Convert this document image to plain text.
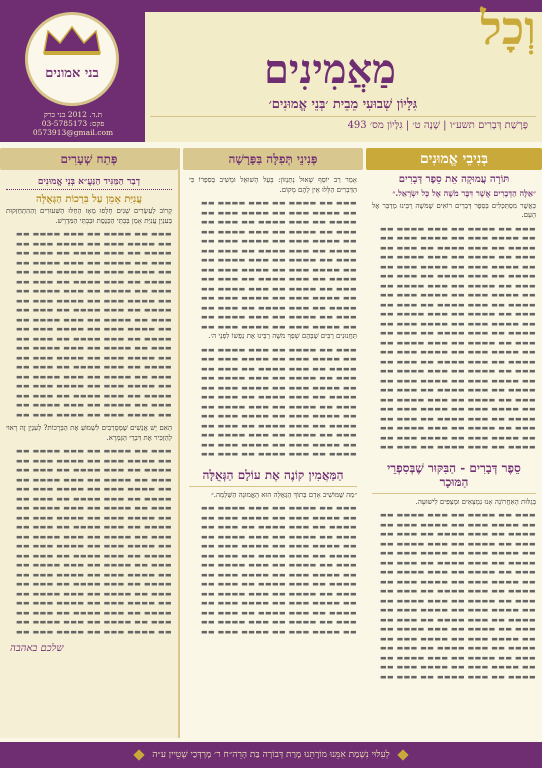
בני אמונים
ת.ד. 2012 בני ברק
פקס: 03-5785173
0573913@gmail.com
וְכָל
מַאֲמִינִים
גִּלָּיוֹן שְׁבוּעִי מֵבֵית ׳בְּנֵי אֱמוּנִים׳
פָּרָשַׁת דְּבָרִים תשע״ו | שָׁנָה ט׳ | גִּלָּיוֹן מס׳ 493
בְּנִיבֵי אֱמוּנִים
תּוֹרָה עֲמוּקָה אֵת סֵפֶר דְּבָרִים
״אֵלֶּה הַדְּבָרִים אֲשֶׁר דִּבֶּר מֹשֶׁה אֶל כָּל יִשְׂרָאֵל.״
כָּאֲשֶׁר מִסְתַּכְּלִים בְּסֵפֶר דְּבָרִים רוֹאִים שֶׁמֹּשֶׁה רַבֵּינוּ מְדַבֵּר אֶל הָעָם.
▬▬▬ ▬▬ ▬▬▬▬ ▬▬ ▬▬▬ ▬▬▬▬ ▬▬
▬▬ ▬▬▬▬ ▬▬▬ ▬▬ ▬▬▬▬ ▬▬▬ ▬▬
▬▬▬▬ ▬▬ ▬▬▬ ▬▬▬▬ ▬▬ ▬▬▬ ▬▬
▬▬▬ ▬▬ ▬▬▬▬ ▬▬ ▬▬▬ ▬▬▬▬ ▬▬
▬▬ ▬▬▬▬ ▬▬▬ ▬▬ ▬▬▬▬ ▬▬▬ ▬▬
▬▬▬▬ ▬▬ ▬▬▬ ▬▬▬▬ ▬▬ ▬▬▬ ▬▬
▬▬▬ ▬▬ ▬▬▬▬ ▬▬ ▬▬▬ ▬▬▬▬ ▬▬
▬▬ ▬▬▬▬ ▬▬▬ ▬▬ ▬▬▬▬ ▬▬▬ ▬▬
▬▬▬▬ ▬▬ ▬▬▬ ▬▬▬▬ ▬▬ ▬▬▬ ▬▬
▬▬▬ ▬▬ ▬▬▬▬ ▬▬ ▬▬▬ ▬▬▬▬ ▬▬
▬▬ ▬▬▬▬ ▬▬▬ ▬▬ ▬▬▬▬ ▬▬▬ ▬▬
▬▬▬▬ ▬▬ ▬▬▬ ▬▬▬▬ ▬▬ ▬▬▬ ▬▬
▬▬▬ ▬▬ ▬▬▬▬ ▬▬ ▬▬▬ ▬▬▬▬ ▬▬
▬▬ ▬▬▬▬ ▬▬▬ ▬▬ ▬▬▬▬ ▬▬▬ ▬▬
▬▬▬▬ ▬▬ ▬▬▬ ▬▬▬▬ ▬▬ ▬▬▬ ▬▬
▬▬▬ ▬▬ ▬▬▬▬ ▬▬ ▬▬▬ ▬▬▬▬ ▬▬
▬▬ ▬▬▬▬ ▬▬▬ ▬▬ ▬▬▬▬ ▬▬▬ ▬▬
▬▬▬▬ ▬▬ ▬▬▬ ▬▬▬▬ ▬▬ ▬▬▬ ▬▬
▬▬▬ ▬▬ ▬▬▬▬ ▬▬ ▬▬▬ ▬▬▬▬ ▬▬
▬▬ ▬▬▬▬ ▬▬▬ ▬▬ ▬▬▬▬ ▬▬▬ ▬▬
▬▬▬▬ ▬▬ ▬▬▬ ▬▬▬▬ ▬▬ ▬▬▬ ▬▬
▬▬▬ ▬▬ ▬▬▬▬ ▬▬ ▬▬▬ ▬▬▬▬ ▬▬
▬▬ ▬▬▬▬ ▬▬▬ ▬▬ ▬▬▬▬ ▬▬▬ ▬▬
▬▬▬▬ ▬▬ ▬▬▬ ▬▬▬▬ ▬▬ ▬▬▬ ▬▬
סֵפֶר דְּבָרִים - הַבִּקּוּר שֶׁבְּסִפְרֵי הַמּוּכָר
בְּגַלּוּת הָאַחֲרוֹנָה אָנוּ נִמְצָאִים וּמְצַפִּים לִישׁוּעָה.
▬▬▬ ▬▬ ▬▬▬▬ ▬▬ ▬▬▬ ▬▬▬▬ ▬▬
▬▬ ▬▬▬▬ ▬▬▬ ▬▬ ▬▬▬▬ ▬▬▬ ▬▬
▬▬▬▬ ▬▬ ▬▬▬ ▬▬▬▬ ▬▬ ▬▬▬ ▬▬
▬▬▬ ▬▬ ▬▬▬▬ ▬▬ ▬▬▬ ▬▬▬▬ ▬▬
▬▬ ▬▬▬▬ ▬▬▬ ▬▬ ▬▬▬▬ ▬▬▬ ▬▬
▬▬▬▬ ▬▬ ▬▬▬ ▬▬▬▬ ▬▬ ▬▬▬ ▬▬
▬▬▬ ▬▬ ▬▬▬▬ ▬▬ ▬▬▬ ▬▬▬▬ ▬▬
▬▬ ▬▬▬▬ ▬▬▬ ▬▬ ▬▬▬▬ ▬▬▬ ▬▬
▬▬▬▬ ▬▬ ▬▬▬ ▬▬▬▬ ▬▬ ▬▬▬ ▬▬
▬▬▬ ▬▬ ▬▬▬▬ ▬▬ ▬▬▬ ▬▬▬▬ ▬▬
▬▬ ▬▬▬▬ ▬▬▬ ▬▬ ▬▬▬▬ ▬▬▬ ▬▬
▬▬▬▬ ▬▬ ▬▬▬ ▬▬▬▬ ▬▬ ▬▬▬ ▬▬
▬▬▬ ▬▬ ▬▬▬▬ ▬▬ ▬▬▬ ▬▬▬▬ ▬▬
▬▬ ▬▬▬▬ ▬▬▬ ▬▬ ▬▬▬▬ ▬▬▬ ▬▬
▬▬▬▬ ▬▬ ▬▬▬ ▬▬▬▬ ▬▬ ▬▬▬ ▬▬
▬▬▬ ▬▬ ▬▬▬▬ ▬▬ ▬▬▬ ▬▬▬▬ ▬▬
▬▬ ▬▬▬▬ ▬▬▬ ▬▬ ▬▬▬▬ ▬▬▬ ▬▬
▬▬▬▬ ▬▬ ▬▬▬ ▬▬▬▬ ▬▬ ▬▬▬ ▬▬
פְּנִינֵי תְּפִלָּה בַּפָּרָשָׁה
אָמַר רַב יוֹסֵף שָׁאוּל נָתַנְזוֹן: בָּעַל הָשׁוּאֵל וּמֵשִׁיב בְּסִפְרוֹ כִּי הַדְּבָרִים הַלָּלוּ אֵין לָהֶם מָקוֹם.
▬▬▬ ▬▬ ▬▬▬▬ ▬▬ ▬▬▬ ▬▬▬▬ ▬▬
▬▬ ▬▬▬▬ ▬▬▬ ▬▬ ▬▬▬▬ ▬▬▬ ▬▬
▬▬▬▬ ▬▬ ▬▬▬ ▬▬▬▬ ▬▬ ▬▬▬ ▬▬
▬▬▬ ▬▬ ▬▬▬▬ ▬▬ ▬▬▬ ▬▬▬▬ ▬▬
▬▬ ▬▬▬▬ ▬▬▬ ▬▬ ▬▬▬▬ ▬▬▬ ▬▬
▬▬▬▬ ▬▬ ▬▬▬ ▬▬▬▬ ▬▬ ▬▬▬ ▬▬
▬▬▬ ▬▬ ▬▬▬▬ ▬▬ ▬▬▬ ▬▬▬▬ ▬▬
▬▬ ▬▬▬▬ ▬▬▬ ▬▬ ▬▬▬▬ ▬▬▬ ▬▬
▬▬▬▬ ▬▬ ▬▬▬ ▬▬▬▬ ▬▬ ▬▬▬ ▬▬
▬▬▬ ▬▬ ▬▬▬▬ ▬▬ ▬▬▬ ▬▬▬▬ ▬▬
▬▬ ▬▬▬▬ ▬▬▬ ▬▬ ▬▬▬▬ ▬▬▬ ▬▬
▬▬▬▬ ▬▬ ▬▬▬ ▬▬▬▬ ▬▬ ▬▬▬ ▬▬
▬▬▬ ▬▬ ▬▬▬▬ ▬▬ ▬▬▬ ▬▬▬▬ ▬▬
▬▬ ▬▬▬▬ ▬▬▬ ▬▬ ▬▬▬▬ ▬▬▬ ▬▬
תַּחֲנוּנִים רַבִּים שֶׁבְּהֶם שָׁפַךְ מֹשֶׁה רַבֵּינוּ אֶת נַפְשׁוֹ לִפְנֵי ה׳.
▬▬▬ ▬▬ ▬▬▬▬ ▬▬ ▬▬▬ ▬▬▬▬ ▬▬
▬▬ ▬▬▬▬ ▬▬▬ ▬▬ ▬▬▬▬ ▬▬▬ ▬▬
▬▬▬▬ ▬▬ ▬▬▬ ▬▬▬▬ ▬▬ ▬▬▬ ▬▬
▬▬▬ ▬▬ ▬▬▬▬ ▬▬ ▬▬▬ ▬▬▬▬ ▬▬
▬▬ ▬▬▬▬ ▬▬▬ ▬▬ ▬▬▬▬ ▬▬▬ ▬▬
▬▬▬▬ ▬▬ ▬▬▬ ▬▬▬▬ ▬▬ ▬▬▬ ▬▬
▬▬▬ ▬▬ ▬▬▬▬ ▬▬ ▬▬▬ ▬▬▬▬ ▬▬
▬▬ ▬▬▬▬ ▬▬▬ ▬▬ ▬▬▬▬ ▬▬▬ ▬▬
▬▬▬▬ ▬▬ ▬▬▬ ▬▬▬▬ ▬▬ ▬▬▬ ▬▬
▬▬▬ ▬▬ ▬▬▬▬ ▬▬ ▬▬▬ ▬▬▬▬ ▬▬
▬▬ ▬▬▬▬ ▬▬▬ ▬▬ ▬▬▬▬ ▬▬▬ ▬▬
▬▬▬▬ ▬▬ ▬▬▬ ▬▬▬▬ ▬▬ ▬▬▬ ▬▬
הַמַּאֲמִין קוֹנֶה אֶת עוֹלָם הַגְּאֻלָּה
״מַה שֶּׁמּוֹשִׁיב אָדָם בְּתוֹךְ הַגְּאֻלָּה הוּא הָאֱמוּנָה הַשְּׁלֵמָה.״
▬▬▬ ▬▬ ▬▬▬▬ ▬▬ ▬▬▬ ▬▬▬▬ ▬▬
▬▬ ▬▬▬▬ ▬▬▬ ▬▬ ▬▬▬▬ ▬▬▬ ▬▬
▬▬▬▬ ▬▬ ▬▬▬ ▬▬▬▬ ▬▬ ▬▬▬ ▬▬
▬▬▬ ▬▬ ▬▬▬▬ ▬▬ ▬▬▬ ▬▬▬▬ ▬▬
▬▬ ▬▬▬▬ ▬▬▬ ▬▬ ▬▬▬▬ ▬▬▬ ▬▬
▬▬▬▬ ▬▬ ▬▬▬ ▬▬▬▬ ▬▬ ▬▬▬ ▬▬
▬▬▬ ▬▬ ▬▬▬▬ ▬▬ ▬▬▬ ▬▬▬▬ ▬▬
▬▬ ▬▬▬▬ ▬▬▬ ▬▬ ▬▬▬▬ ▬▬▬ ▬▬
▬▬▬▬ ▬▬ ▬▬▬ ▬▬▬▬ ▬▬ ▬▬▬ ▬▬
▬▬▬ ▬▬ ▬▬▬▬ ▬▬ ▬▬▬ ▬▬▬▬ ▬▬
▬▬ ▬▬▬▬ ▬▬▬ ▬▬ ▬▬▬▬ ▬▬▬ ▬▬
▬▬▬▬ ▬▬ ▬▬▬ ▬▬▬▬ ▬▬ ▬▬▬ ▬▬
▬▬▬ ▬▬ ▬▬▬▬ ▬▬ ▬▬▬ ▬▬▬▬ ▬▬
▬▬ ▬▬▬▬ ▬▬▬ ▬▬ ▬▬▬▬ ▬▬▬ ▬▬
פְּתַח שְׁעָרִים
דְבַר הַמַּגִּיד הַנַּעֲ״א בְּנֵי אֱמוּנִים
עֲנִיַּת אָמֵן עַל בִּרְכוֹת הַגְּאֻלָּה
קָרוֹב לְעַשְׂרִים שָׁנִים חָלְפוּ מֵאָז הֵחֵלּוּ הַשִּׁעוּרִים וְהַהִתְחַזְּקוּת בְּעִנְיַן עֲנִיַּת אָמֵן בְּבָתֵּי הַכְּנֶסֶת וּבְבָתֵּי הַמִּדְרָשׁ.
▬▬▬ ▬▬ ▬▬▬▬ ▬▬ ▬▬▬ ▬▬▬▬ ▬▬
▬▬ ▬▬▬▬ ▬▬▬ ▬▬ ▬▬▬▬ ▬▬▬ ▬▬
▬▬▬▬ ▬▬ ▬▬▬ ▬▬▬▬ ▬▬ ▬▬▬ ▬▬
▬▬▬ ▬▬ ▬▬▬▬ ▬▬ ▬▬▬ ▬▬▬▬ ▬▬
▬▬ ▬▬▬▬ ▬▬▬ ▬▬ ▬▬▬▬ ▬▬▬ ▬▬
▬▬▬▬ ▬▬ ▬▬▬ ▬▬▬▬ ▬▬ ▬▬▬ ▬▬
▬▬▬ ▬▬ ▬▬▬▬ ▬▬ ▬▬▬ ▬▬▬▬ ▬▬
▬▬ ▬▬▬▬ ▬▬▬ ▬▬ ▬▬▬▬ ▬▬▬ ▬▬
▬▬▬▬ ▬▬ ▬▬▬ ▬▬▬▬ ▬▬ ▬▬▬ ▬▬
▬▬▬ ▬▬ ▬▬▬▬ ▬▬ ▬▬▬ ▬▬▬▬ ▬▬
▬▬ ▬▬▬▬ ▬▬▬ ▬▬ ▬▬▬▬ ▬▬▬ ▬▬
▬▬▬▬ ▬▬ ▬▬▬ ▬▬▬▬ ▬▬ ▬▬▬ ▬▬
▬▬▬ ▬▬ ▬▬▬▬ ▬▬ ▬▬▬ ▬▬▬▬ ▬▬
▬▬ ▬▬▬▬ ▬▬▬ ▬▬ ▬▬▬▬ ▬▬▬ ▬▬
▬▬▬▬ ▬▬ ▬▬▬ ▬▬▬▬ ▬▬ ▬▬▬ ▬▬
▬▬▬ ▬▬ ▬▬▬▬ ▬▬ ▬▬▬ ▬▬▬▬ ▬▬
▬▬ ▬▬▬▬ ▬▬▬ ▬▬ ▬▬▬▬ ▬▬▬ ▬▬
▬▬▬▬ ▬▬ ▬▬▬ ▬▬▬▬ ▬▬ ▬▬▬ ▬▬
▬▬▬ ▬▬ ▬▬▬▬ ▬▬ ▬▬▬ ▬▬▬▬ ▬▬
▬▬ ▬▬▬▬ ▬▬▬ ▬▬ ▬▬▬▬ ▬▬▬ ▬▬
הַאִם יֵשׁ אֲנַשִׁים שֶׁמְּסָרְבִים לִשְׁמוֹעַ אֶת הַבְּרָכוֹת? לְעִנְיַן זֶה רָאוּי לְהַזְכִּיר אֶת דִּבְרֵי הַגְּמָרָא.
▬▬▬ ▬▬ ▬▬▬▬ ▬▬ ▬▬▬ ▬▬▬▬ ▬▬
▬▬ ▬▬▬▬ ▬▬▬ ▬▬ ▬▬▬▬ ▬▬▬ ▬▬
▬▬▬▬ ▬▬ ▬▬▬ ▬▬▬▬ ▬▬ ▬▬▬ ▬▬
▬▬▬ ▬▬ ▬▬▬▬ ▬▬ ▬▬▬ ▬▬▬▬ ▬▬
▬▬ ▬▬▬▬ ▬▬▬ ▬▬ ▬▬▬▬ ▬▬▬ ▬▬
▬▬▬▬ ▬▬ ▬▬▬ ▬▬▬▬ ▬▬ ▬▬▬ ▬▬
▬▬▬ ▬▬ ▬▬▬▬ ▬▬ ▬▬▬ ▬▬▬▬ ▬▬
▬▬ ▬▬▬▬ ▬▬▬ ▬▬ ▬▬▬▬ ▬▬▬ ▬▬
▬▬▬▬ ▬▬ ▬▬▬ ▬▬▬▬ ▬▬ ▬▬▬ ▬▬
▬▬▬ ▬▬ ▬▬▬▬ ▬▬ ▬▬▬ ▬▬▬▬ ▬▬
▬▬ ▬▬▬▬ ▬▬▬ ▬▬ ▬▬▬▬ ▬▬▬ ▬▬
▬▬▬▬ ▬▬ ▬▬▬ ▬▬▬▬ ▬▬ ▬▬▬ ▬▬
▬▬▬ ▬▬ ▬▬▬▬ ▬▬ ▬▬▬ ▬▬▬▬ ▬▬
▬▬ ▬▬▬▬ ▬▬▬ ▬▬ ▬▬▬▬ ▬▬▬ ▬▬
▬▬▬▬ ▬▬ ▬▬▬ ▬▬▬▬ ▬▬ ▬▬▬ ▬▬
▬▬▬ ▬▬ ▬▬▬▬ ▬▬ ▬▬▬ ▬▬▬▬ ▬▬
▬▬ ▬▬▬▬ ▬▬▬ ▬▬ ▬▬▬▬ ▬▬▬ ▬▬
▬▬▬▬ ▬▬ ▬▬▬ ▬▬▬▬ ▬▬ ▬▬▬ ▬▬
▬▬▬ ▬▬ ▬▬▬▬ ▬▬ ▬▬▬ ▬▬▬▬ ▬▬
▬▬ ▬▬▬▬ ▬▬▬ ▬▬ ▬▬▬▬ ▬▬▬ ▬▬
שלכם באהבה
לְעִלּוּי נִשְׁמַת אִמֵּנוּ מוֹרָתֵנוּ מָרַת דְּבוֹרָה בַּת הָרֵה״ח ר׳ מָרְדְּכַי שְׁטֵיין ע״ה
